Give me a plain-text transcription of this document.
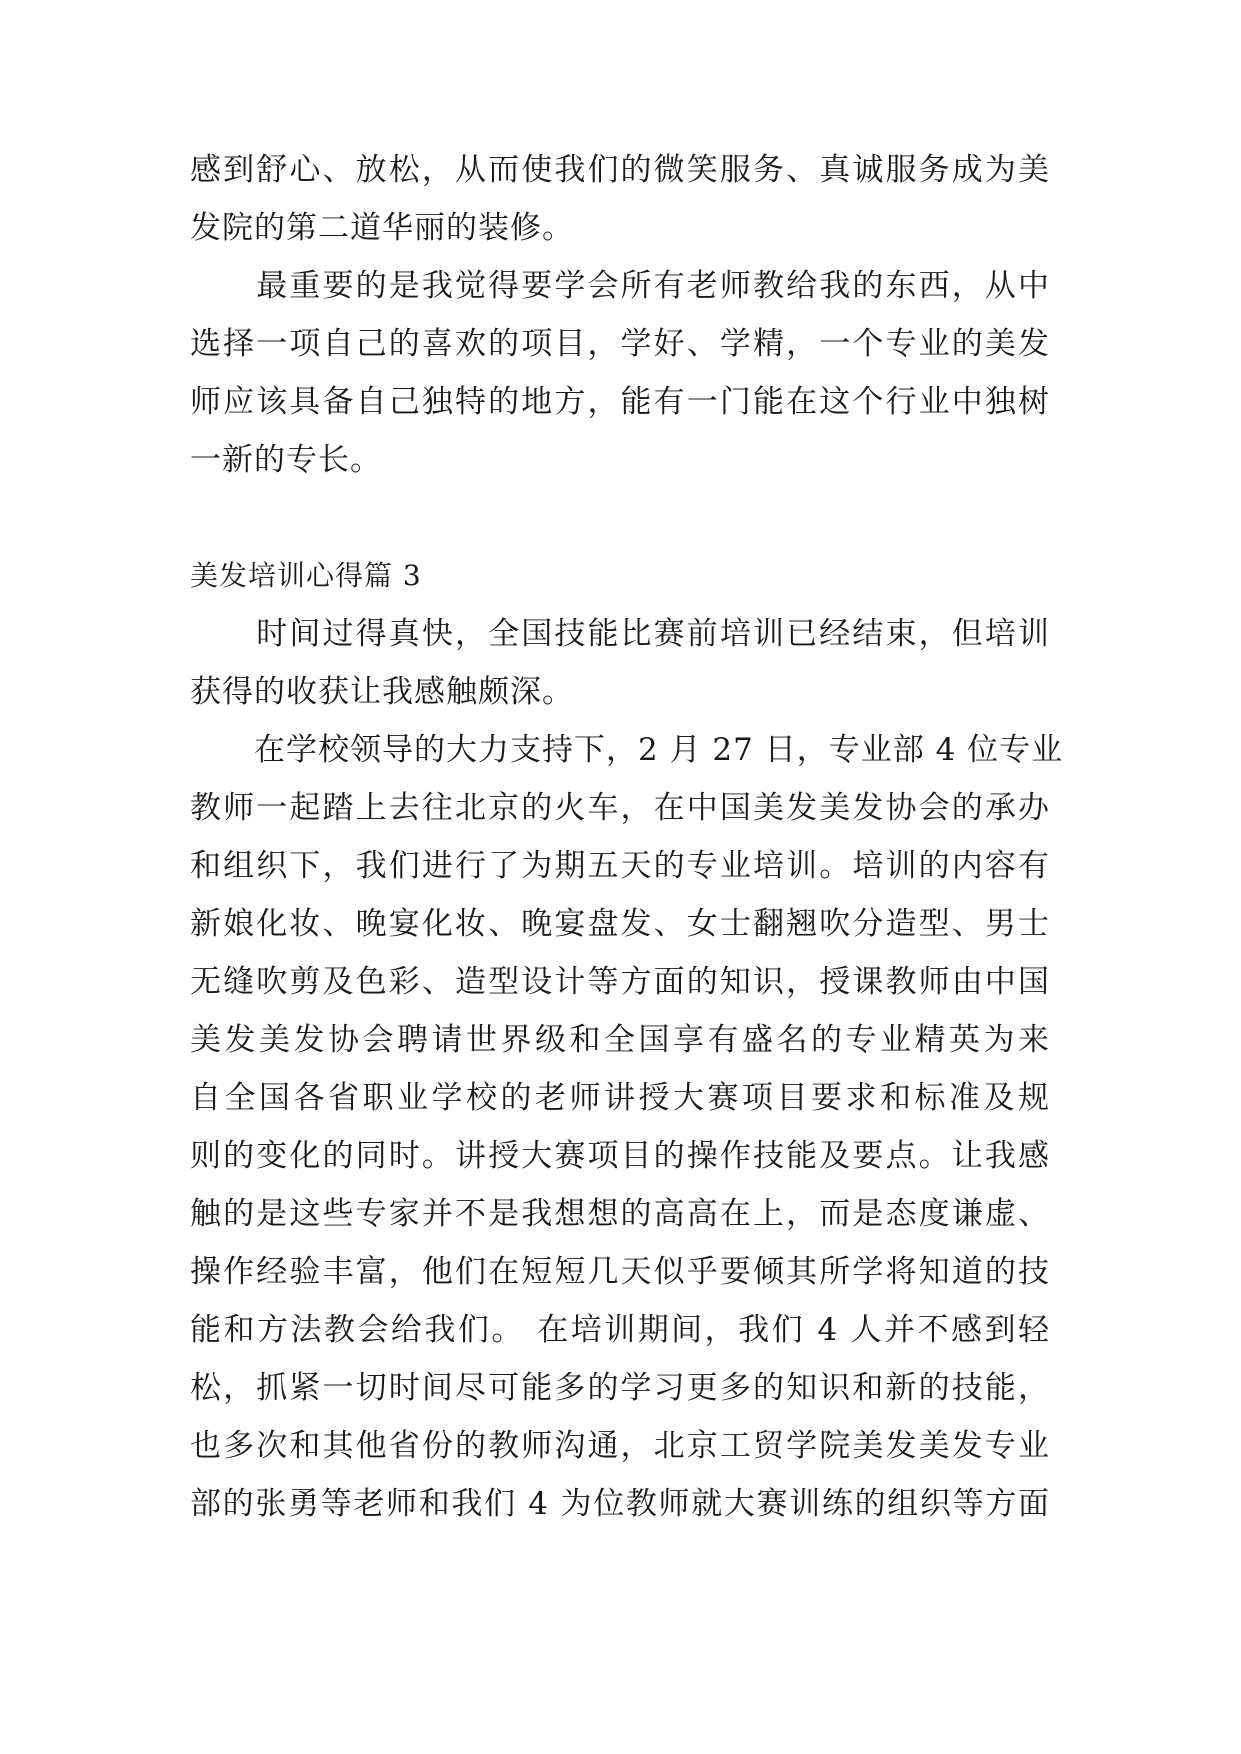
感到舒心、放松，从而使我们的微笑服务、真诚服务成为美
发院的第二道华丽的装修。
　　最重要的是我觉得要学会所有老师教给我的东西，从中
选择一项自己的喜欢的项目，学好、学精，一个专业的美发
师应该具备自己独特的地方，能有一门能在这个行业中独树
一新的专长。
美发培训心得篇 3
　　时间过得真快，全国技能比赛前培训已经结束，但培训
获得的收获让我感触颇深。
　　在学校领导的大力支持下，2 月 27 日，专业部 4 位专业
教师一起踏上去往北京的火车，在中国美发美发协会的承办
和组织下，我们进行了为期五天的专业培训。培训的内容有
新娘化妆、晚宴化妆、晚宴盘发、女士翻翘吹分造型、男士
无缝吹剪及色彩、造型设计等方面的知识，授课教师由中国
美发美发协会聘请世界级和全国享有盛名的专业精英为来
自全国各省职业学校的老师讲授大赛项目要求和标准及规
则的变化的同时。讲授大赛项目的操作技能及要点。让我感
触的是这些专家并不是我想想的高高在上，而是态度谦虚、
操作经验丰富，他们在短短几天似乎要倾其所学将知道的技
能和方法教会给我们。 在培训期间，我们 4 人并不感到轻
松，抓紧一切时间尽可能多的学习更多的知识和新的技能，
也多次和其他省份的教师沟通，北京工贸学院美发美发专业
部的张勇等老师和我们 4 为位教师就大赛训练的组织等方面
